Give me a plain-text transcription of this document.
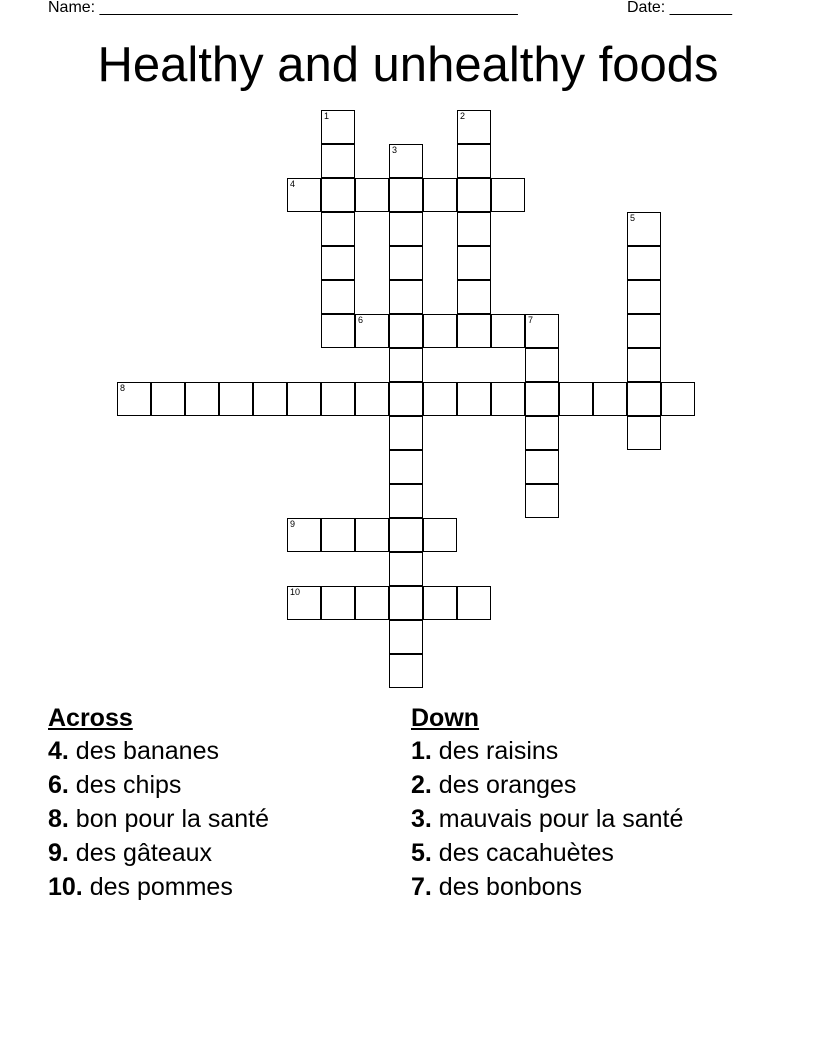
Name: _______________________________________________	Date: _______
Healthy and unhealthy foods
4
6	7
8
9
10
1	2
3
5
Across
4. des bananes
6. des chips
8. bon pour la santé
9. des gâteaux
10. des pommes
Down
1. des raisins
2. des oranges
3. mauvais pour la santé
5. des cacahuètes
7. des bonbons
